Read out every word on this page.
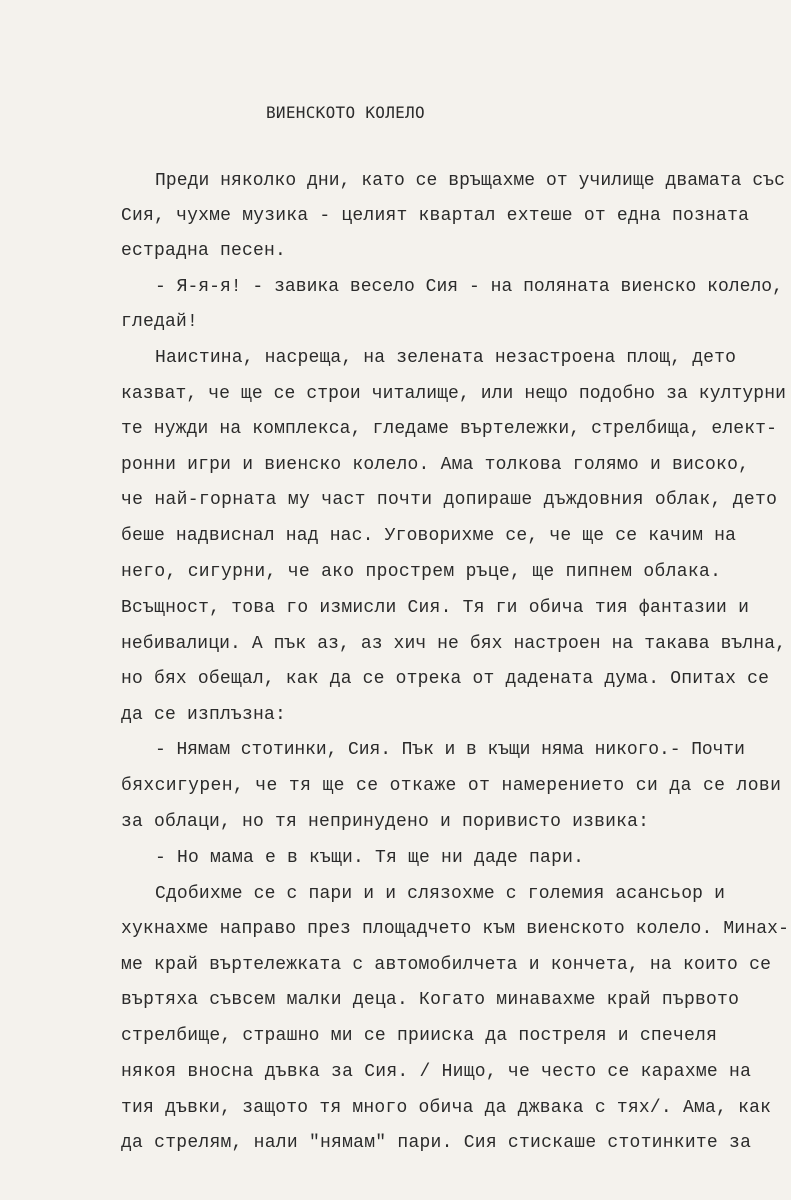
ВИЕНСКОТО КОЛЕЛО
Преди няколко дни, като се връщахме от училище двамата със
Сия, чухме музика - целият квартал ехтеше от една позната
естрадна песен.
- Я-я-я! - завика весело Сия - на поляната виенско колело,
гледай!
Наистина, насреща, на зелената незастроена площ, дето
казват, че ще се строи читалище, или нещо подобно за културни
те нужди на комплекса, гледаме въртележки, стрелбища, елект-
ронни игри и виенско колело. Ама толкова голямо и високо,
че най-горната му част почти допираше дъждовния облак, дето
беше надвиснал над нас. Уговорихме се, че ще се качим на
него, сигурни, че ако прострем ръце, ще пипнем облака.
Всъщност, това го измисли Сия. Тя ги обича тия фантазии и
небивалици. А пък аз, аз хич не бях настроен на такава вълна,
но бях обещал, как да се отрека от дадената дума. Опитах се
да се изплъзна:
- Нямам стотинки, Сия. Пък и в къщи няма никого.- Почти
бяхсигурен, че тя ще се откаже от намерението си да се лови
за облаци, но тя непринудено и поривисто извика:
- Но мама е в къщи. Тя ще ни даде пари.
Сдобихме се с пари и и слязохме с големия асансьор и
хукнахме направо през площадчето към виенското колело. Минах-
ме край въртележката с автомобилчета и кончета, на които се
въртяха съвсем малки деца. Когато минавахме край първото
стрелбище, страшно ми се прииска да постреля и спечеля
някоя вносна дъвка за Сия. / Нищо, че често се карахме на
тия дъвки, защото тя много обича да джвака с тях/. Ама, как
да стрелям, нали "нямам" пари. Сия стискаше стотинките за
